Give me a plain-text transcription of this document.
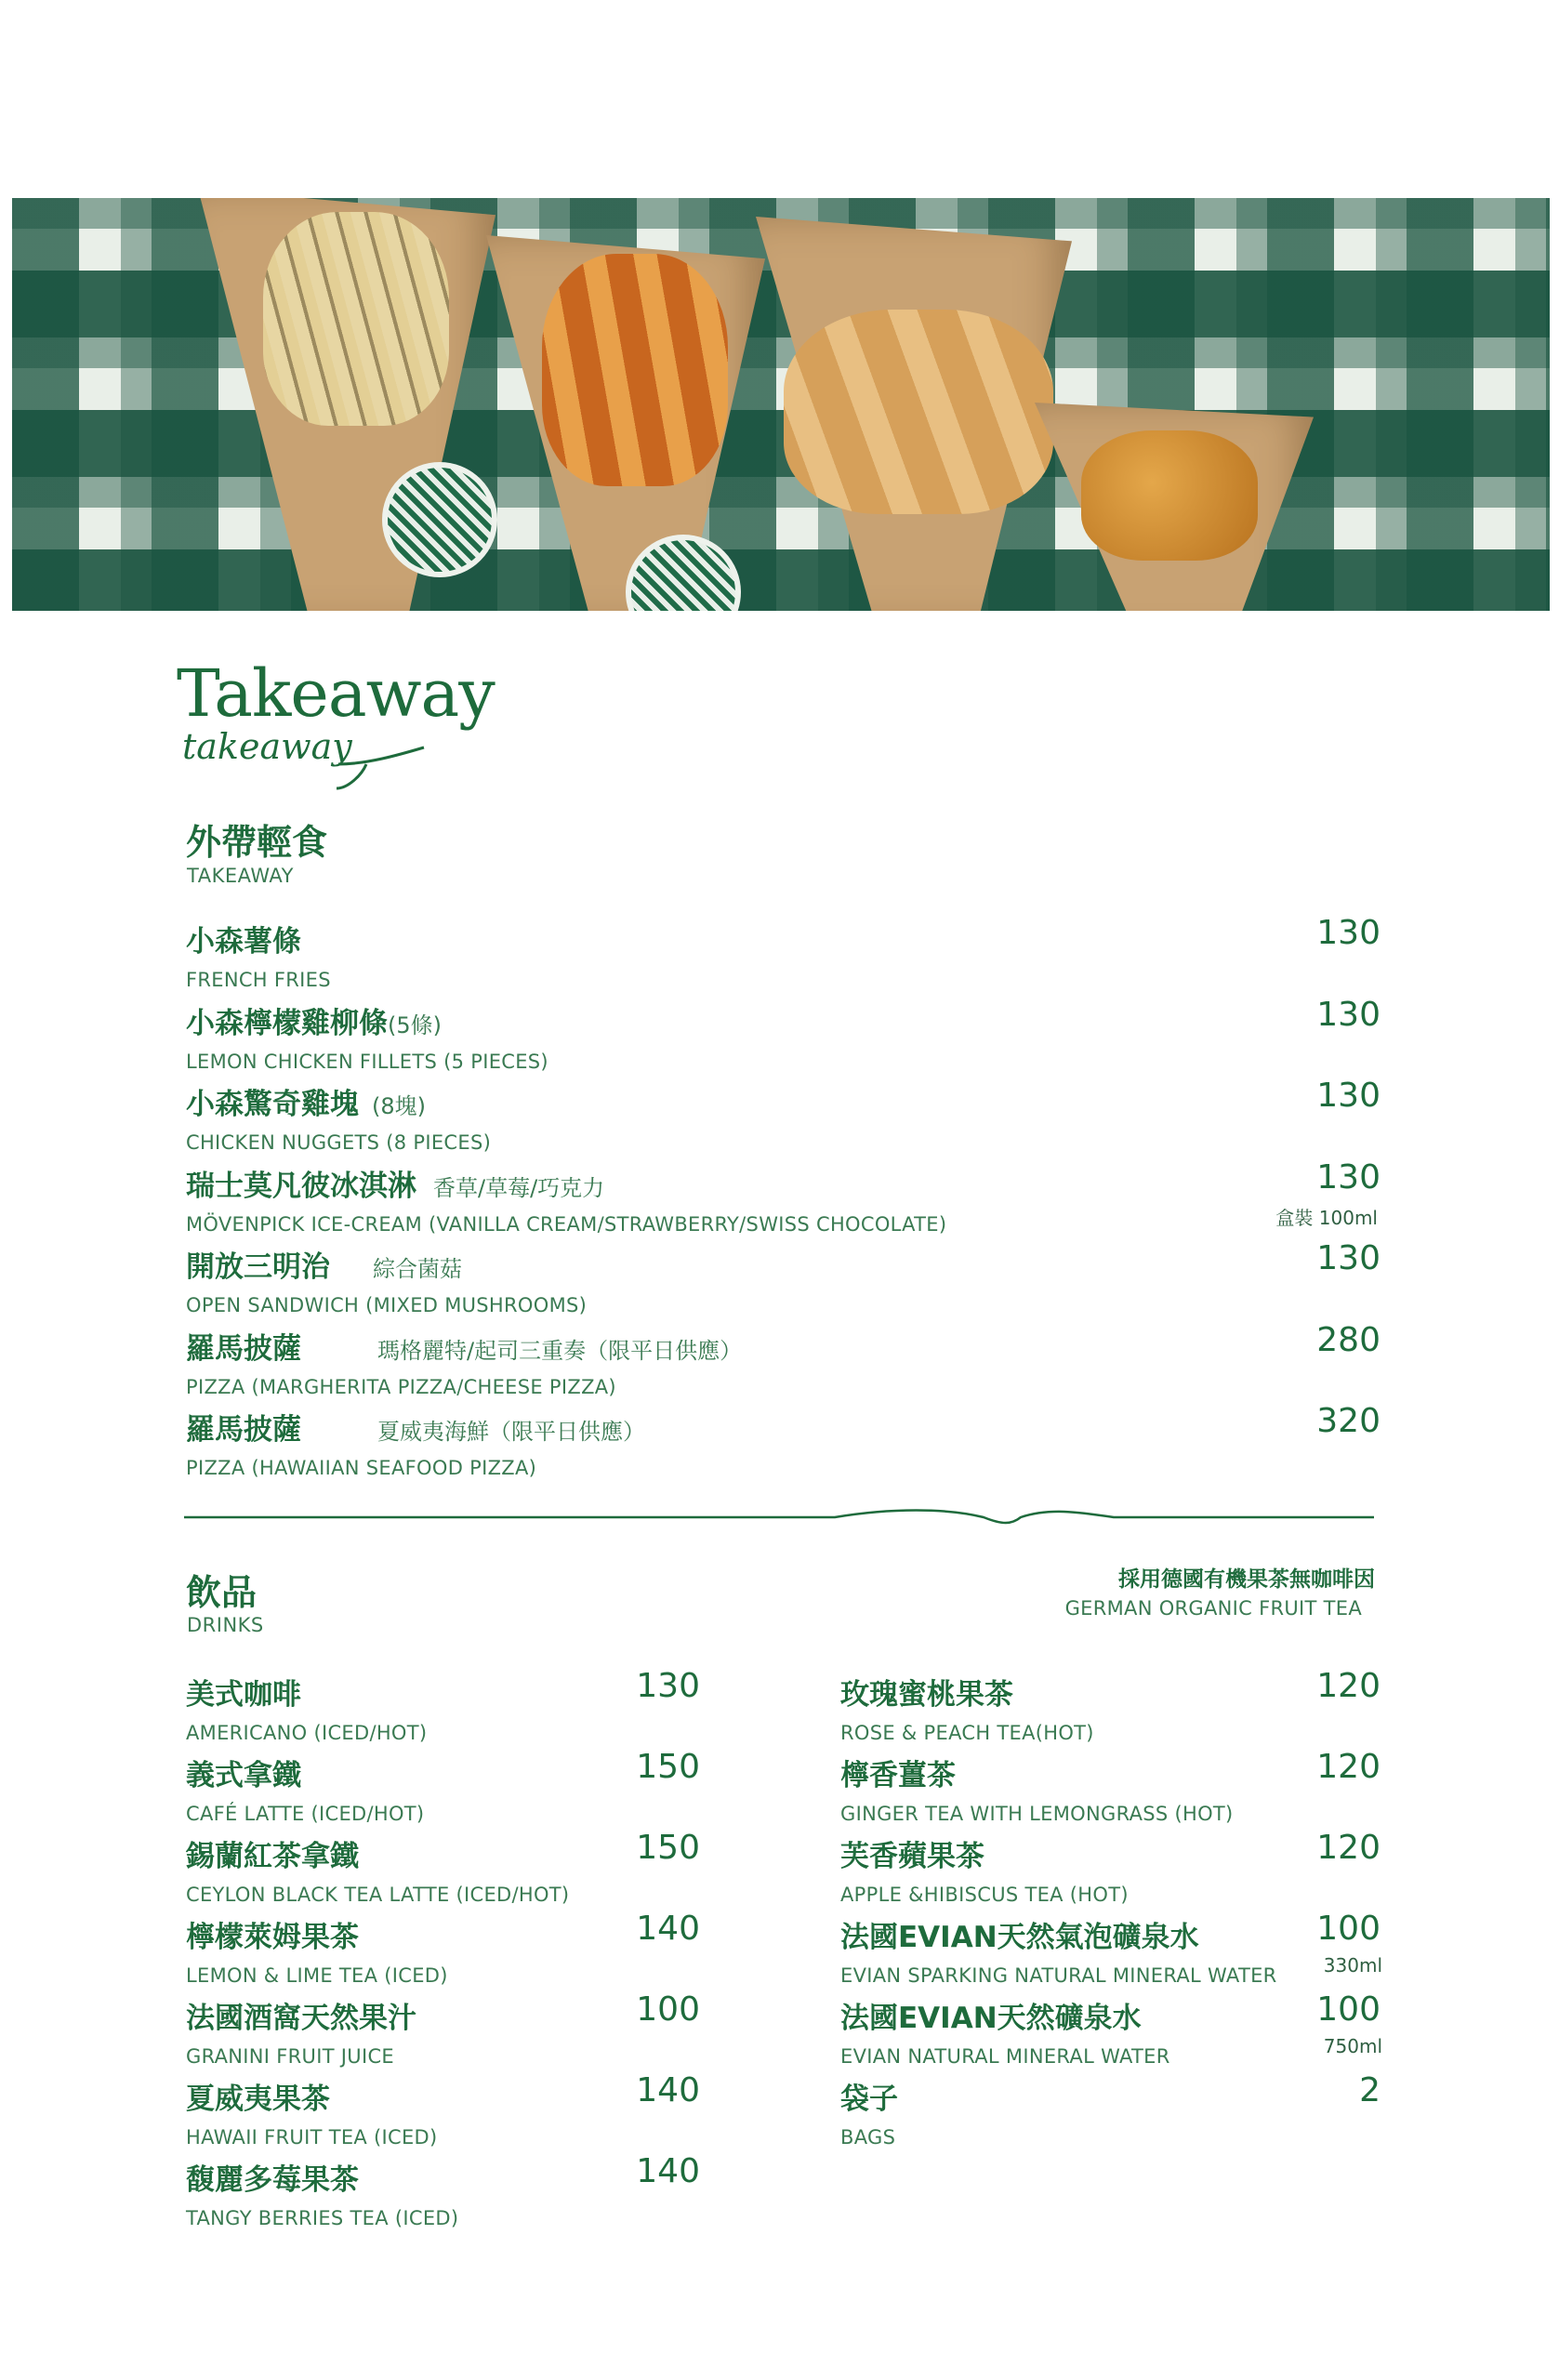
Takeaway
takeaway
外帶輕食
TAKEAWAY
小森薯條
FRENCH FRIES
130
小森檸檬雞柳條 (5條)
LEMON CHICKEN FILLETS (5 PIECES)
130
小森驚奇雞塊 (8塊)
CHICKEN NUGGETS (8 PIECES)
130
瑞士莫凡彼冰淇淋 香草/草莓/巧克力
MÖVENPICK ICE-CREAM (VANILLA CREAM/STRAWBERRY/SWISS CHOCOLATE)
130
盒裝 100ml
開放三明治 綜合菌菇
OPEN SANDWICH (MIXED MUSHROOMS)
130
羅馬披薩	瑪格麗特/起司三重奏（限平日供應）
PIZZA (MARGHERITA PIZZA/CHEESE PIZZA)
280
羅馬披薩	夏威夷海鮮（限平日供應）
PIZZA (HAWAIIAN SEAFOOD PIZZA)
320
飲品
DRINKS
採用德國有機果茶無咖啡因
GERMAN ORGANIC FRUIT TEA
美式咖啡
AMERICANO (ICED/HOT)
130
義式拿鐵
CAFÉ LATTE (ICED/HOT)
150
錫蘭紅茶拿鐵
CEYLON BLACK TEA LATTE (ICED/HOT)
150
檸檬萊姆果茶
LEMON & LIME TEA (ICED)
140
法國酒窩天然果汁
GRANINI FRUIT JUICE
100
夏威夷果茶
HAWAII FRUIT TEA (ICED)
140
馥麗多莓果茶
TANGY BERRIES TEA (ICED)
140
玫瑰蜜桃果茶
ROSE & PEACH TEA(HOT)
120
檸香薑茶
GINGER TEA WITH LEMONGRASS (HOT)
120
芙香蘋果茶
APPLE &HIBISCUS TEA (HOT)
120
法國EVIAN天然氣泡礦泉水
EVIAN SPARKING NATURAL MINERAL WATER
100
330ml
法國EVIAN天然礦泉水
EVIAN NATURAL MINERAL WATER
100
750ml
袋子
BAGS
2
